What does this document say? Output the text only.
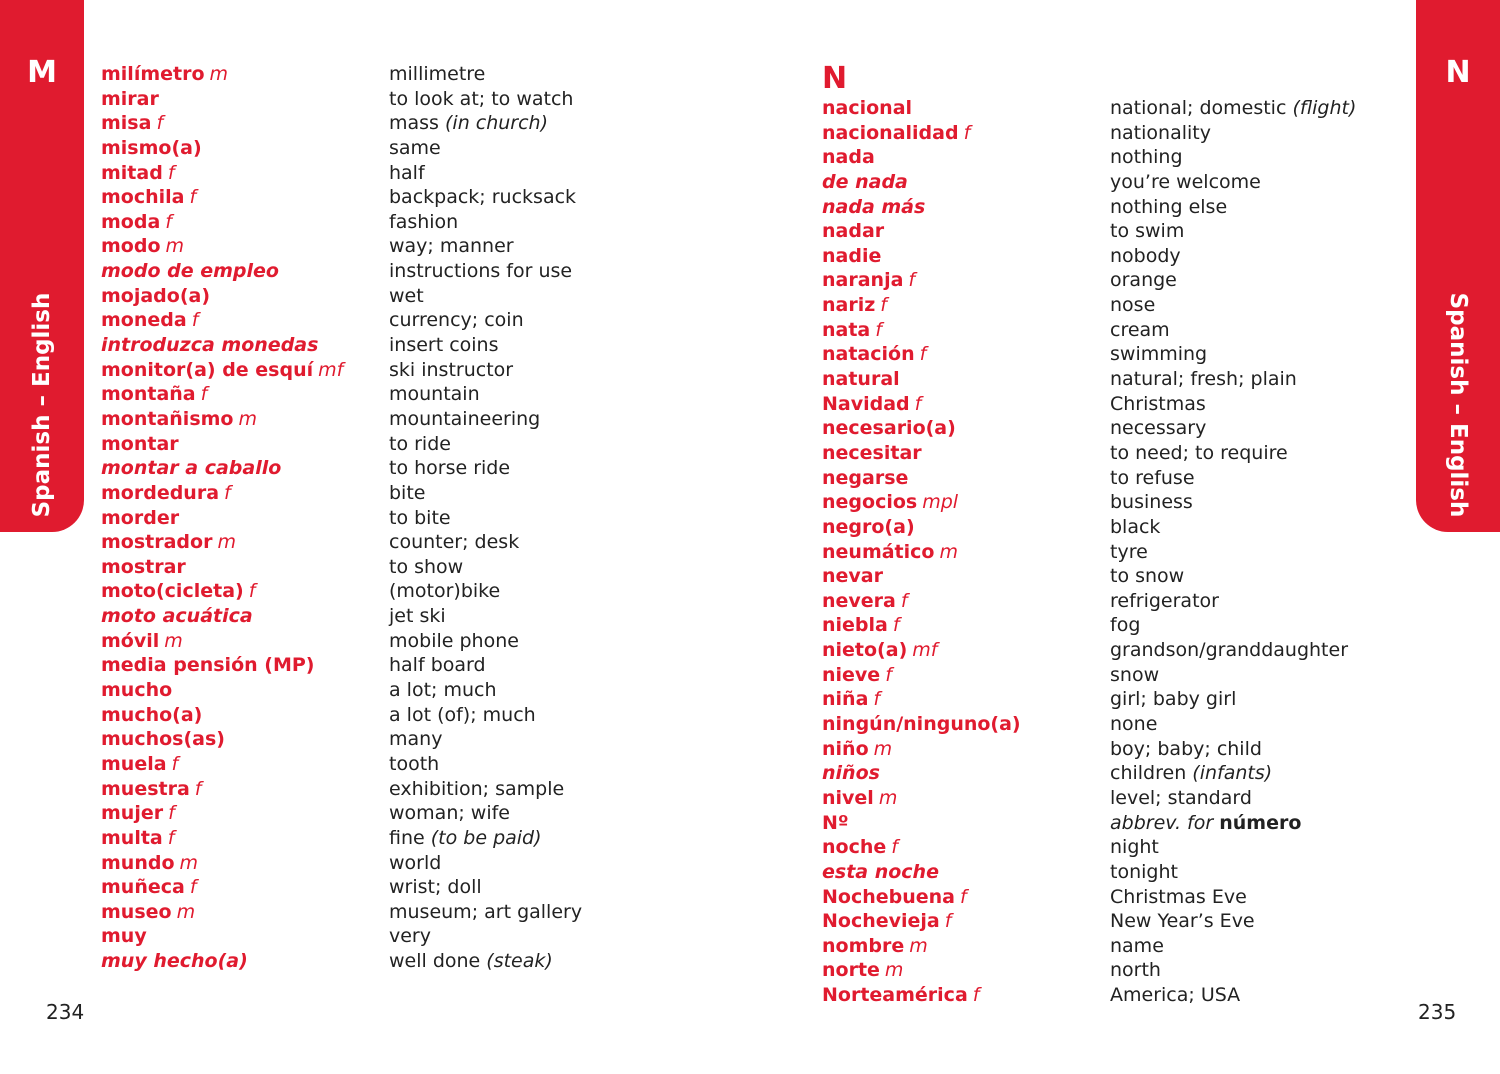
M
Spanish – English
N
Spanish – English
N
milímetro m
mirar
misa f
mismo(a)
mitad f
mochila f
moda f
modo m
modo de empleo
mojado(a)
moneda f
introduzca monedas
monitor(a) de esquí mf
montaña f
montañismo m
montar
montar a caballo
mordedura f
morder
mostrador m
mostrar
moto(cicleta) f
moto acuática
móvil m
media pensión (MP)
mucho
mucho(a)
muchos(as)
muela f
muestra f
mujer f
multa f
mundo m
muñeca f
museo m
muy
muy hecho(a)
millimetre
to look at; to watch
mass (in church)
same
half
backpack; rucksack
fashion
way; manner
instructions for use
wet
currency; coin
insert coins
ski instructor
mountain
mountaineering
to ride
to horse ride
bite
to bite
counter; desk
to show
(motor)bike
jet ski
mobile phone
half board
a lot; much
a lot (of); much
many
tooth
exhibition; sample
woman; wife
fine (to be paid)
world
wrist; doll
museum; art gallery
very
well done (steak)
nacional
nacionalidad f
nada
de nada
nada más
nadar
nadie
naranja f
nariz f
nata f
natación f
natural
Navidad f
necesario(a)
necesitar
negarse
negocios mpl
negro(a)
neumático m
nevar
nevera f
niebla f
nieto(a) mf
nieve f
niña f
ningún/ninguno(a)
niño m
niños
nivel m
Nº
noche f
esta noche
Nochebuena f
Nochevieja f
nombre m
norte m
Norteamérica f
national; domestic (flight)
nationality
nothing
you’re welcome
nothing else
to swim
nobody
orange
nose
cream
swimming
natural; fresh; plain
Christmas
necessary
to need; to require
to refuse
business
black
tyre
to snow
refrigerator
fog
grandson/granddaughter
snow
girl; baby girl
none
boy; baby; child
children (infants)
level; standard
abbrev. for número
night
tonight
Christmas Eve
New Year’s Eve
name
north
America; USA
234	235
